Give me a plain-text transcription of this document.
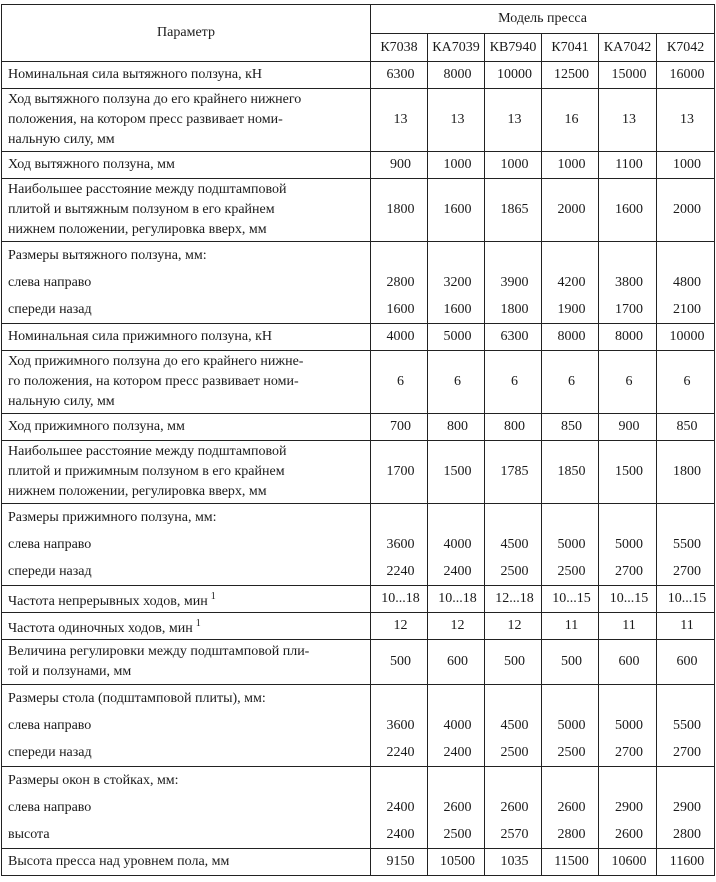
Параметр	Модель пресса					
	К7038	КА7039	КВ7940	К7041	КА7042	К7042
Номинальная сила вытяжного ползуна, кН	6300	8000	10000	12500	15000	16000

Ход вытяжного ползуна до его крайнего нижнего
положения, на котором пресс развивает номи-
нальную силу, мм	13	13	13	16	13	13
Ход вытяжного ползуна, мм	900	1000	1000	1000	1100	1000

Наибольшее расстояние между подштамповой
плитой и вытяжным ползуном в его крайнем
нижнем положении, регулировка вверх, мм	1800	1600	1865	2000	1600	2000
Размеры вытяжного ползуна, мм:						
слева направо	2800	3200	3900	4200	3800	4800
спереди назад	1600	1600	1800	1900	1700	2100
Номинальная сила прижимного ползуна, кН	4000	5000	6300	8000	8000	10000

Ход прижимного ползуна до его крайнего нижне-
го положения, на котором пресс развивает номи-
нальную силу, мм	6	6	6	6	6	6
Ход прижимного ползуна, мм	700	800	800	850	900	850

Наибольшее расстояние между подштамповой
плитой и прижимным ползуном в его крайнем
нижнем положении, регулировка вверх, мм	1700	1500	1785	1850	1500	1800
Размеры прижимного ползуна, мм:						
слева направо	3600	4000	4500	5000	5000	5500
спереди назад	2240	2400	2500	2500	2700	2700
Частота непрерывных ходов, мин $^1$	10...18	10...18	12...18	10...15	10...15	10...15
Частота одиночных ходов, мин $^1$	12	12	12	11	11	11

Величина регулировки между подштамповой пли-
той и ползунами, мм	500	600	500	500	600	600
Размеры стола (подштамповой плиты), мм:						
слева направо	3600	4000	4500	5000	5000	5500
спереди назад	2240	2400	2500	2500	2700	2700
Размеры окон в стойках, мм:						
слева направо	2400	2600	2600	2600	2900	2900
высота	2400	2500	2570	2800	2600	2800
Высота пресса над уровнем пола, мм	9150	10500	1035	11500	10600	11600
